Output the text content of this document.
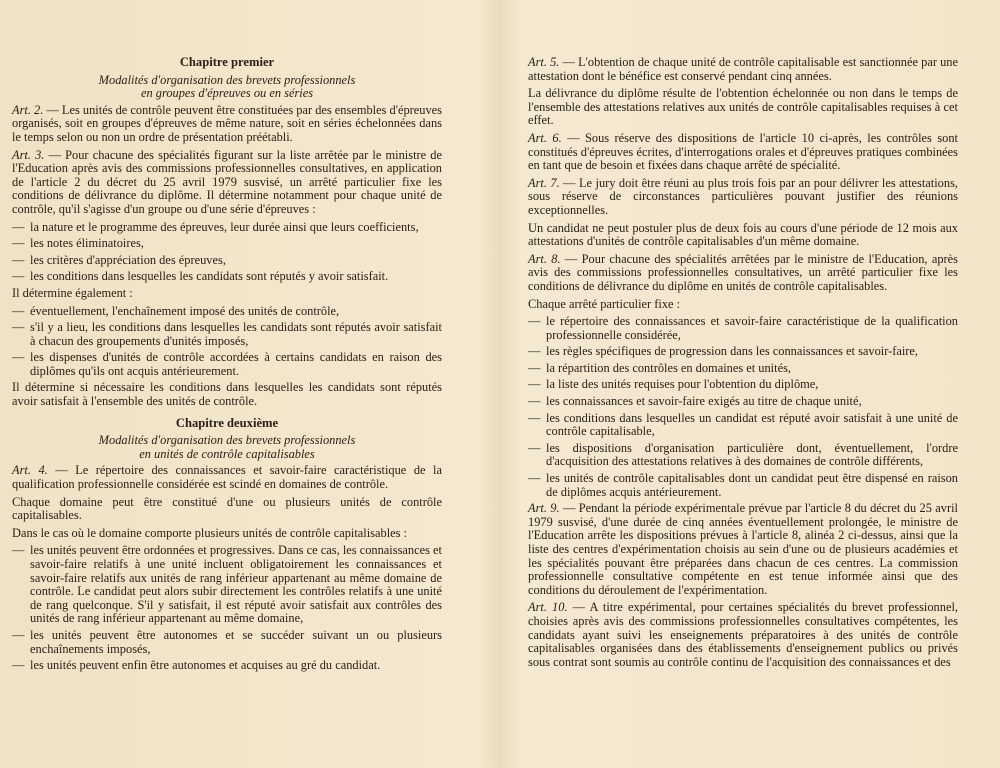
Chapitre premier
Modalités d'organisation des brevets professionnels
en groupes d'épreuves ou en séries

Art. 2. — Les unités de contrôle peuvent être constituées par des ensembles d'épreuves organisés, soit en groupes d'épreuves de même nature, soit en séries échelonnées dans le temps selon ou non un ordre de présentation préétabli.

Art. 3. — Pour chacune des spécialités figurant sur la liste arrêtée par le ministre de l'Education après avis des commissions professionnelles consultatives, en application de l'article 2 du décret du 25 avril 1979 susvisé, un arrêté particulier fixe les conditions de délivrance du diplôme. Il détermine notamment pour chaque unité de contrôle, qu'il s'agisse d'un groupe ou d'une série d'épreuves :

— la nature et le programme des épreuves, leur durée ainsi que leurs coefficients,
— les notes éliminatoires,
— les critères d'appréciation des épreuves,
— les conditions dans lesquelles les candidats sont réputés y avoir satisfait.

Il détermine également :

— éventuellement, l'enchaînement imposé des unités de contrôle,
— s'il y a lieu, les conditions dans lesquelles les candidats sont réputés avoir satisfait à chacun des groupements d'unités imposés,
— les dispenses d'unités de contrôle accordées à certains candidats en raison des diplômes qu'ils ont acquis antérieurement.

Il détermine si nécessaire les conditions dans lesquelles les candidats sont réputés avoir satisfait à l'ensemble des unités de contrôle.

Chapitre deuxième
Modalités d'organisation des brevets professionnels
en unités de contrôle capitalisables

Art. 4. — Le répertoire des connaissances et savoir-faire caractéristique de la qualification professionnelle considérée est scindé en domaines de contrôle.

Chaque domaine peut être constitué d'une ou plusieurs unités de contrôle capitalisables.

Dans le cas où le domaine comporte plusieurs unités de contrôle capitalisables :

— les unités peuvent être ordonnées et progressives. Dans ce cas, les connaissances et savoir-faire relatifs à une unité incluent obligatoirement les connaissances et savoir-faire relatifs aux unités de rang inférieur appartenant au même domaine de contrôle. Le candidat peut alors subir directement les contrôles relatifs à une unité de rang quelconque. S'il y satisfait, il est réputé avoir satisfait aux contrôles des unités de rang inférieur appartenant au même domaine,
— les unités peuvent être autonomes et se succéder suivant un ou plusieurs enchaînements imposés,
— les unités peuvent enfin être autonomes et acquises au gré du candidat.

Art. 5. — L'obtention de chaque unité de contrôle capitalisable est sanctionnée par une attestation dont le bénéfice est conservé pendant cinq années.

La délivrance du diplôme résulte de l'obtention échelonnée ou non dans le temps de l'ensemble des attestations relatives aux unités de contrôle capitalisables requises à cet effet.

Art. 6. — Sous réserve des dispositions de l'article 10 ci-après, les contrôles sont constitués d'épreuves écrites, d'interrogations orales et d'épreuves pratiques combinées en tant que de besoin et fixées dans chaque arrêté de spécialité.

Art. 7. — Le jury doit être réuni au plus trois fois par an pour délivrer les attestations, sous réserve de circonstances particulières pouvant justifier des réunions exceptionnelles.

Un candidat ne peut postuler plus de deux fois au cours d'une période de 12 mois aux attestations d'unités de contrôle capitalisables d'un même domaine.

Art. 8. — Pour chacune des spécialités arrêtées par le ministre de l'Education, après avis des commissions professionnelles consultatives, un arrêté particulier fixe les conditions de délivrance du diplôme en unités de contrôle capitalisables.

Chaque arrêté particulier fixe :

— le répertoire des connaissances et savoir-faire caractéristique de la qualification professionnelle considérée,
— les règles spécifiques de progression dans les connaissances et savoir-faire,
— la répartition des contrôles en domaines et unités,
— la liste des unités requises pour l'obtention du diplôme,
— les connaissances et savoir-faire exigés au titre de chaque unité,
— les conditions dans lesquelles un candidat est réputé avoir satisfait à une unité de contrôle capitalisable,
— les dispositions d'organisation particulière dont, éventuellement, l'ordre d'acquisition des attestations relatives à des domaines de contrôle différents,
— les unités de contrôle capitalisables dont un candidat peut être dispensé en raison de diplômes acquis antérieurement.

Art. 9. — Pendant la période expérimentale prévue par l'article 8 du décret du 25 avril 1979 susvisé, d'une durée de cinq années éventuellement prolongée, le ministre de l'Education arrête les dispositions prévues à l'article 8, alinéa 2 ci-dessus, ainsi que la liste des centres d'expérimentation choisis au sein d'une ou de plusieurs académies et les spécialités pouvant être préparées dans chacun de ces centres. La commission professionnelle consultative compétente en est tenue informée ainsi que des conditions du déroulement de l'expérimentation.

Art. 10. — A titre expérimental, pour certaines spécialités du brevet professionnel, choisies après avis des commissions professionnelles consultatives compétentes, les candidats ayant suivi les enseignements préparatoires à des unités de contrôle capitalisables organisées dans des établissements d'enseignement publics ou privés sous contrat sont soumis au contrôle continu de l'acquisition des connaissances et des
